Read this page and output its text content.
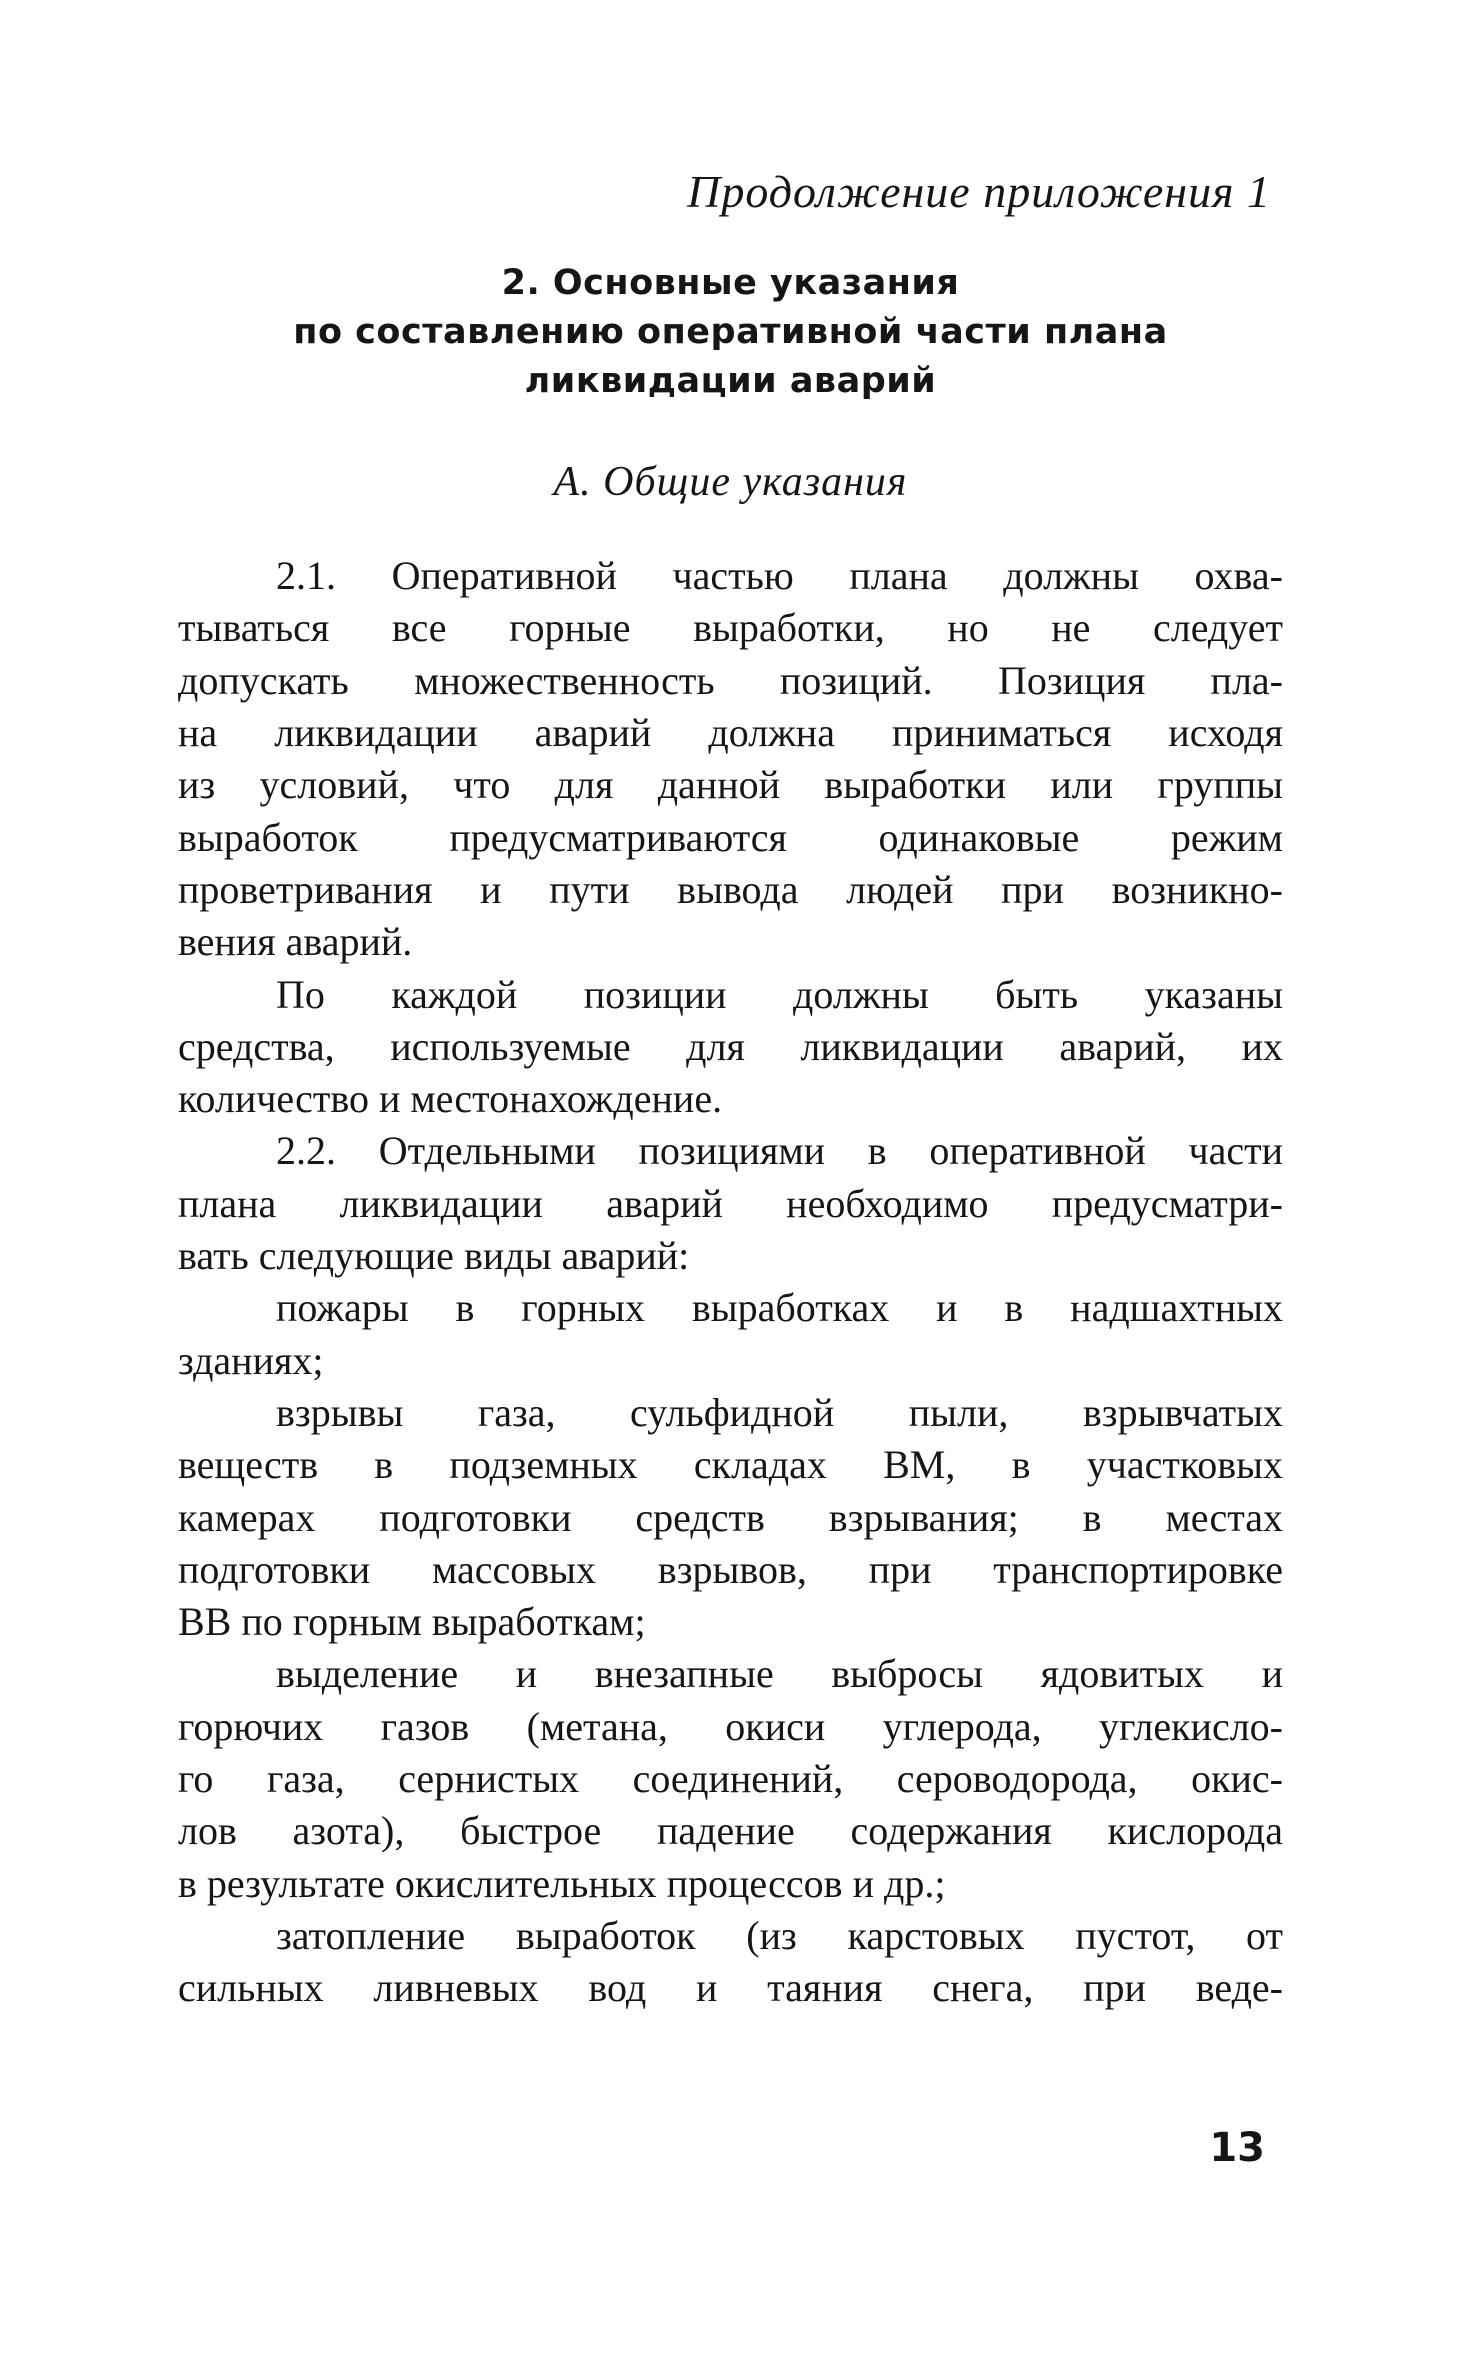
Продолжение приложения 1
2. Основные указания
по составлению оперативной части плана
ликвидации аварий
А. Общие указания

2.1. Оперативной частью плана должны охва-
тываться все горные выработки, но не следует
допускать множественность позиций. Позиция пла-
на ликвидации аварий должна приниматься исходя
из условий, что для данной выработки или группы
выработок предусматриваются одинаковые режим
проветривания и пути вывода людей при возникно-
вения аварий.

По каждой позиции должны быть указаны
средства, используемые для ликвидации аварий, их
количество и местонахождение.

2.2. Отдельными позициями в оперативной части
плана ликвидации аварий необходимо предусматри-
вать следующие виды аварий:

пожары в горных выработках и в надшахтных
зданиях;

взрывы газа, сульфидной пыли, взрывчатых
веществ в подземных складах ВМ, в участковых
камерах подготовки средств взрывания; в местах
подготовки массовых взрывов, при транспортировке
ВВ по горным выработкам;

выделение и внезапные выбросы ядовитых и
горючих газов (метана, окиси углерода, углекисло-
го газа, сернистых соединений, сероводорода, окис-
лов азота), быстрое падение содержания кислорода
в результате окислительных процессов и др.;

затопление выработок (из карстовых пустот, от
сильных ливневых вод и таяния снега, при веде-

13
